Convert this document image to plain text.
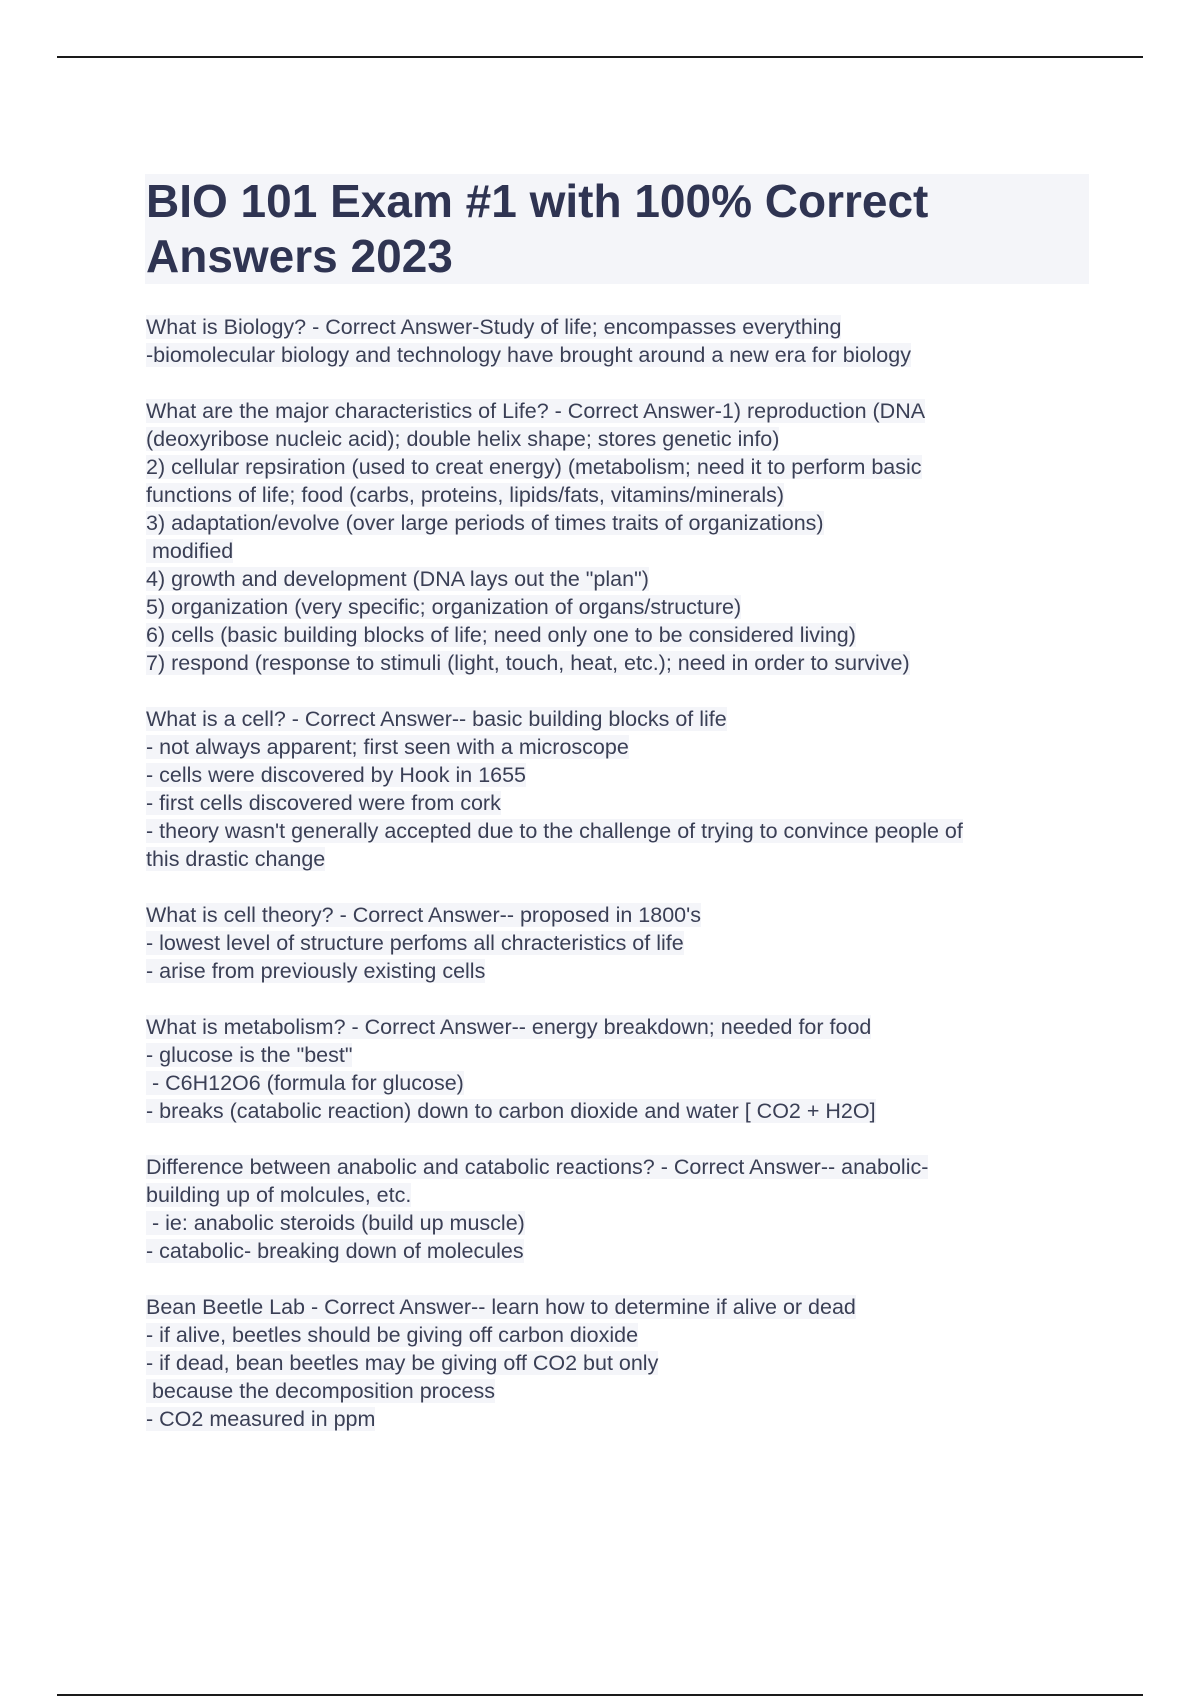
BIO 101 Exam #1 with 100% Correct
Answers 2023
What is Biology? - Correct Answer-Study of life; encompasses everything
-biomolecular biology and technology have brought around a new era for biology
What are the major characteristics of Life? - Correct Answer-1) reproduction (DNA
(deoxyribose nucleic acid); double helix shape; stores genetic info)
2) cellular repsiration (used to creat energy) (metabolism; need it to perform basic
functions of life; food (carbs, proteins, lipids/fats, vitamins/minerals)
3) adaptation/evolve (over large periods of times traits of organizations)
modified
4) growth and development (DNA lays out the "plan")
5) organization (very specific; organization of organs/structure)
6) cells (basic building blocks of life; need only one to be considered living)
7) respond (response to stimuli (light, touch, heat, etc.); need in order to survive)
What is a cell? - Correct Answer-- basic building blocks of life
- not always apparent; first seen with a microscope
- cells were discovered by Hook in 1655
- first cells discovered were from cork
- theory wasn't generally accepted due to the challenge of trying to convince people of
this drastic change
What is cell theory? - Correct Answer-- proposed in 1800's
- lowest level of structure perfoms all chracteristics of life
- arise from previously existing cells
What is metabolism? - Correct Answer-- energy breakdown; needed for food
- glucose is the "best"
- C6H12O6 (formula for glucose)
- breaks (catabolic reaction) down to carbon dioxide and water [ CO2 + H2O]
Difference between anabolic and catabolic reactions? - Correct Answer-- anabolic-
building up of molcules, etc.
- ie: anabolic steroids (build up muscle)
- catabolic- breaking down of molecules
Bean Beetle Lab - Correct Answer-- learn how to determine if alive or dead
- if alive, beetles should be giving off carbon dioxide
- if dead, bean beetles may be giving off CO2 but only
because the decomposition process
- CO2 measured in ppm
